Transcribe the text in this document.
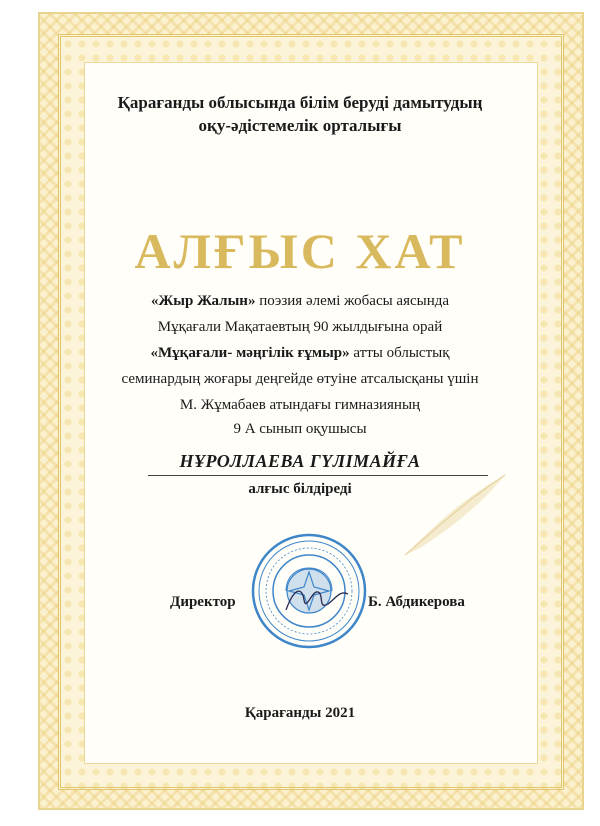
Қарағанды облысында білім беруді дамытудың
оқу-әдістемелік орталығы
АЛҒЫС ХАТ
«Жыр Жалын» поэзия әлемі жобасы аясында
Мұқағали Мақатаевтың 90 жылдығына орай
«Мұқағали- мәңгілік ғұмыр» атты облыстық
семинардың жоғары деңгейде өтуіне атсалысқаны үшін
М. Жұмабаев атындағы гимназияның
9 А сынып оқушысы
НҰРОЛЛАЕВА ГҮЛІМАЙҒА
алғыс білдіреді
Директор	Б. Абдикерова
Қарағанды 2021
